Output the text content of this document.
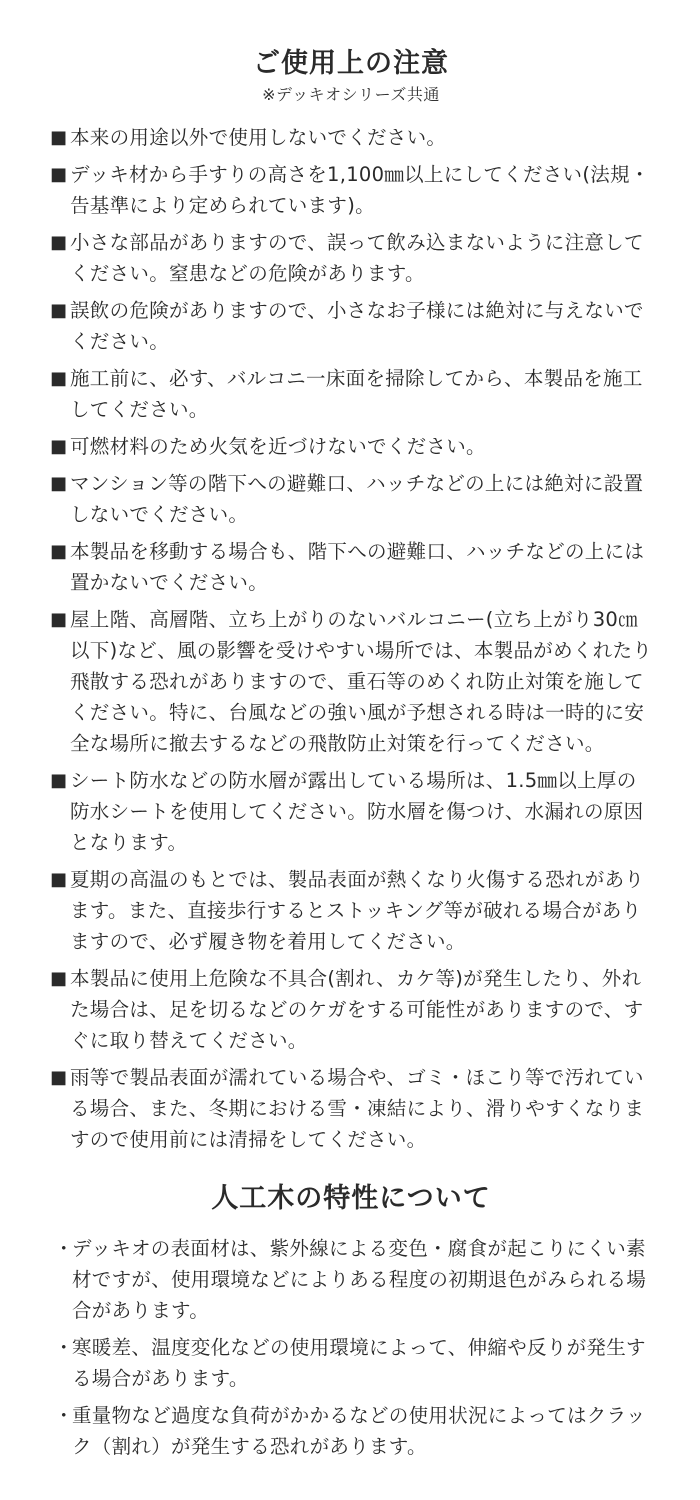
ご使用上の注意
※デッキオシリーズ共通
■ 本来の用途以外で使用しないでください。
■ デッキ材から手すりの高さを1,100㎜以上にしてください(法規・告基準により定められています)。
■ 小さな部品がありますので、誤って飲み込まないように注意してください。窒患などの危険があります。
■ 誤飲の危険がありますので、小さなお子様には絶対に与えないでください。
■ 施工前に、必す、バルコニ一床面を掃除してから、本製品を施工してください。
■ 可燃材料のため火気を近づけないでください。
■ マンション等の階下への避難口、ハッチなどの上には絶対に設置しないでください。
■ 本製品を移動する場合も、階下への避難口、ハッチなどの上には置かないでください。
■ 屋上階、高層階、立ち上がりのないバルコニー(立ち上がり30㎝以下)など、風の影響を受けやすい場所では、本製品がめくれたり飛散する恐れがありますので、重石等のめくれ防止対策を施してください。特に、台風などの強い風が予想される時は一時的に安全な場所に撤去するなどの飛散防止対策を行ってください。
■ シート防水などの防水層が露出している場所は、1.5㎜以上厚の防水シートを使用してください。防水層を傷つけ、水漏れの原因となります。
■ 夏期の高温のもとでは、製品表面が熱くなり火傷する恐れがあります。また、直接歩行するとストッキング等が破れる場合がありますので、必ず履き物を着用してください。
■ 本製品に使用上危険な不具合(割れ、カケ等)が発生したり、外れた場合は、足を切るなどのケガをする可能性がありますので、すぐに取り替えてください。
■ 雨等で製品表面が濡れている場合や、ゴミ・ほこり等で汚れている場合、また、冬期における雪・凍結により、滑りやすくなりますので使用前には清掃をしてください。
人工木の特性について
・
デッキオの表面材は、紫外線による変色・腐食が起こりにくい素材ですが、使用環境などによりある程度の初期退色がみられる場合があります。
・
寒暖差、温度変化などの使用環境によって、伸縮や反りが発生する場合があります。
・
重量物など過度な負荷がかかるなどの使用状況によってはクラック（割れ）が発生する恐れがあります。
